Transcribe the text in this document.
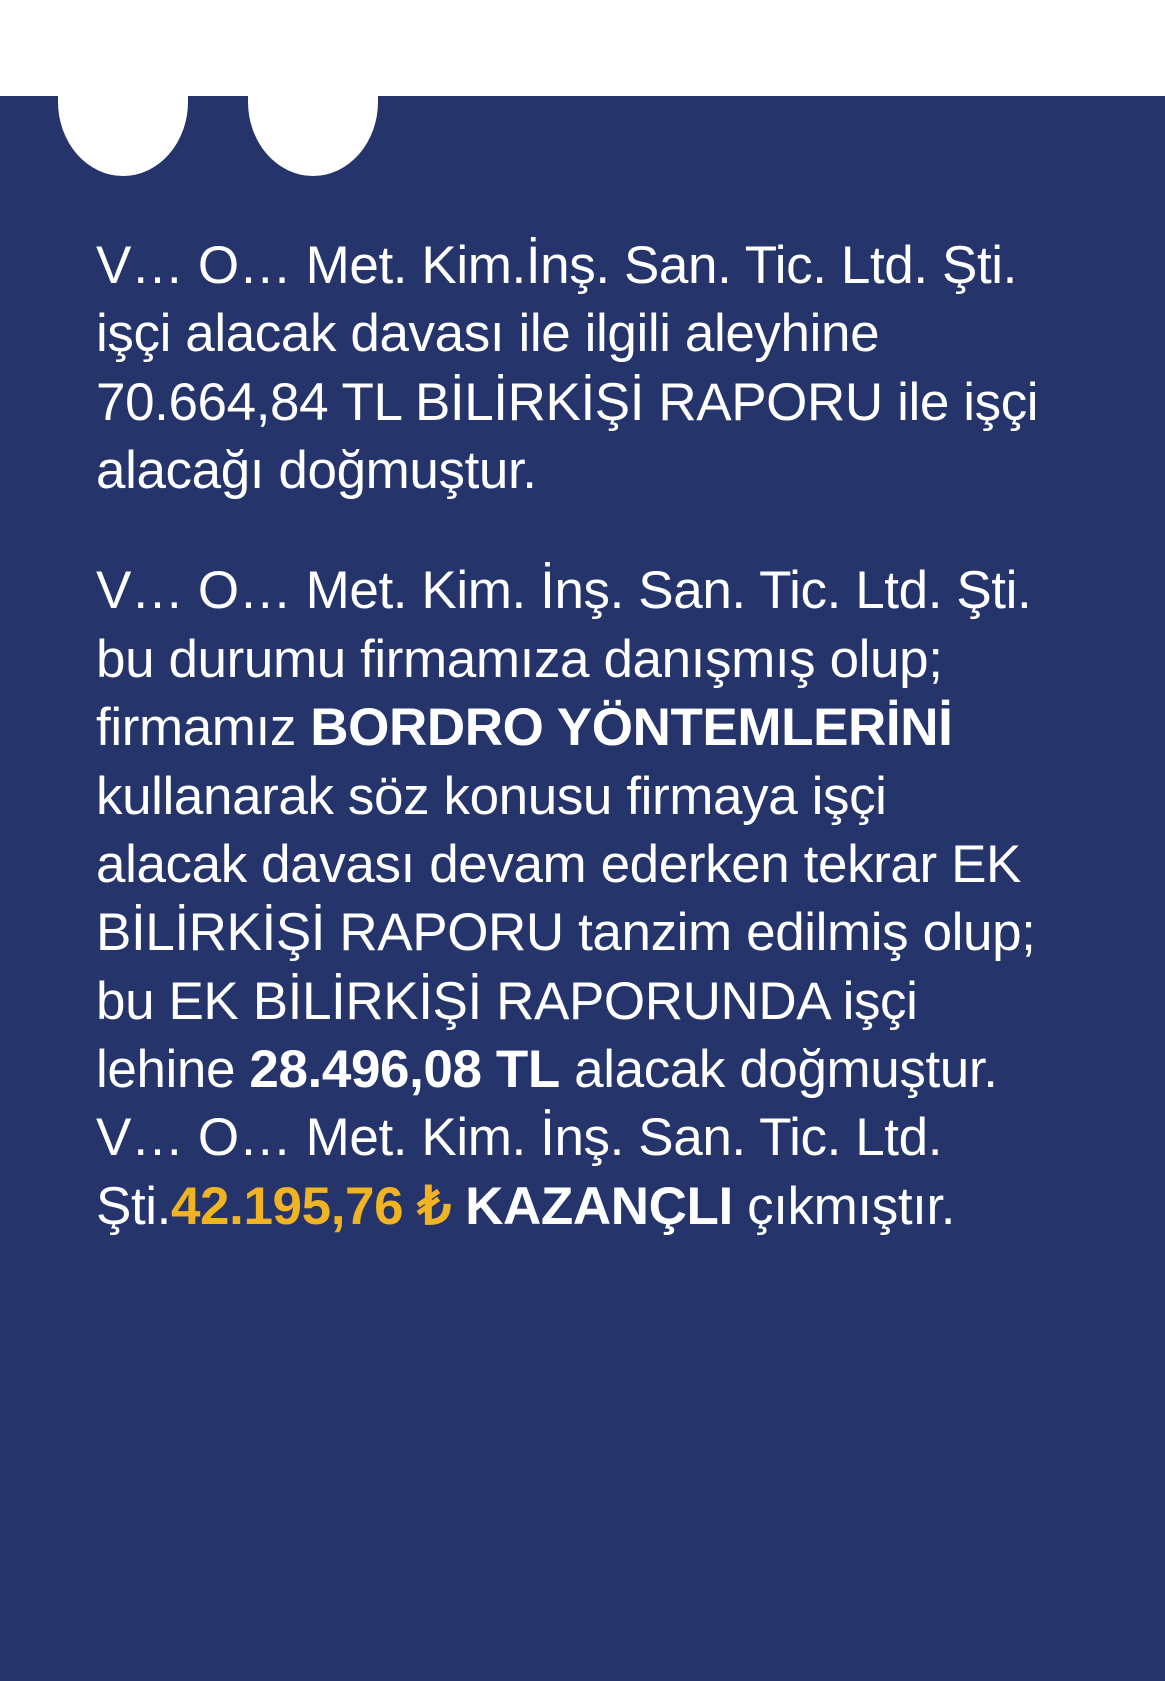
V… O… Met. Kim.İnş. San. Tic. Ltd. Şti. işçi alacak davası ile ilgili aleyhine 70.664,84 TL BİLİRKİŞİ RAPORU ile işçi alacağı doğmuştur.

V… O… Met. Kim. İnş. San. Tic. Ltd. Şti. bu durumu firmamıza danışmış olup; firmamız BORDRO YÖNTEMLERİNİ kullanarak söz konusu firmaya işçi alacak davası devam ederken tekrar EK BİLİRKİŞİ RAPORU tanzim edilmiş olup; bu EK BİLİRKİŞİ RAPORUNDA işçi lehine 28.496,08 TL alacak doğmuştur. V… O… Met. Kim. İnş. San. Tic. Ltd. Şti.42.195,76 ₺ KAZANÇLI çıkmıştır.
